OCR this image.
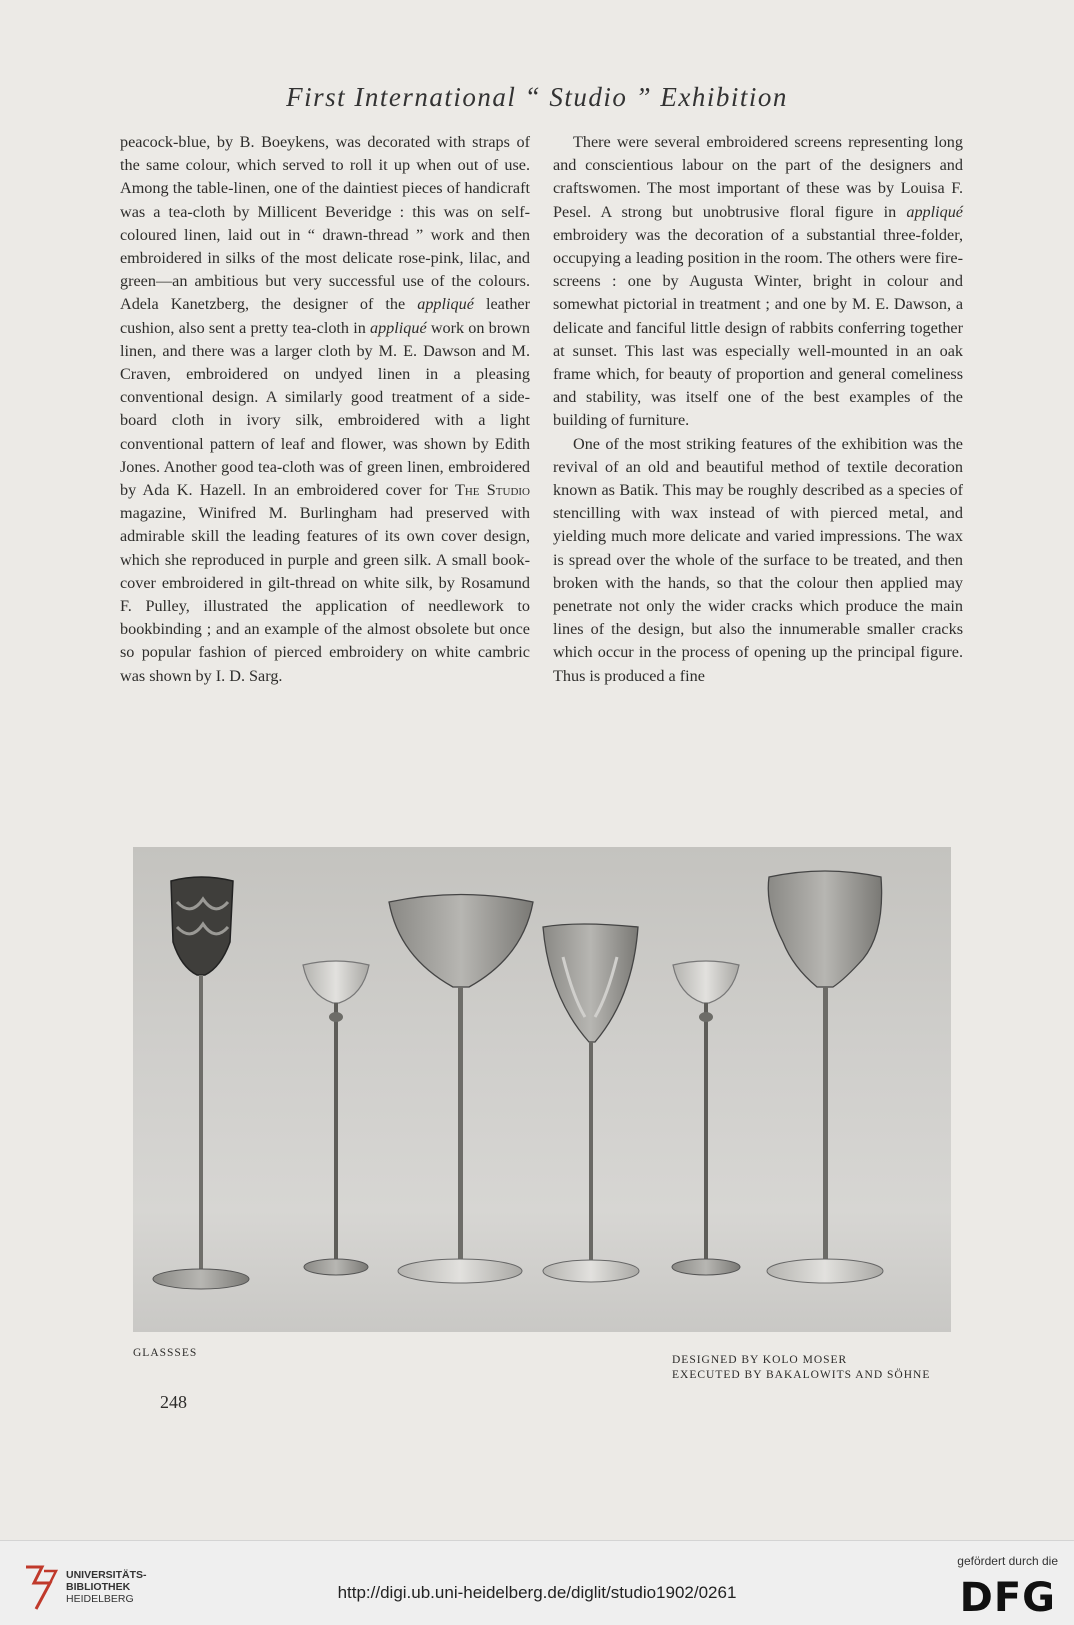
First International “ Studio ” Exhibition

peacock-blue, by B. Boeykens, was decorated with straps of the same colour, which served to roll it up when out of use. Among the table-linen, one of the daintiest pieces of handicraft was a tea-cloth by Millicent Beveridge : this was on self-coloured linen, laid out in “ drawn-thread ” work and then embroidered in silks of the most delicate rose-pink, lilac, and green—an ambitious but very successful use of the colours. Adela Kanetzberg, the designer of the appliqué leather cushion, also sent a pretty tea-cloth in appliqué work on brown linen, and there was a larger cloth by M. E. Dawson and M. Craven, embroidered on undyed linen in a pleasing conventional design. A similarly good treatment of a side-board cloth in ivory silk, embroidered with a light conventional pattern of leaf and flower, was shown by Edith Jones. Another good tea-cloth was of green linen, embroidered by Ada K. Hazell. In an embroidered cover for The Studio magazine, Winifred M. Burlingham had preserved with admirable skill the leading features of its own cover design, which she reproduced in purple and green silk. A small book-cover embroidered in gilt-thread on white silk, by Rosamund F. Pulley, illustrated the application of needlework to bookbinding ; and an example of the almost obsolete but once so popular fashion of pierced embroidery on white cambric was shown by I. D. Sarg.

There were several embroidered screens representing long and conscientious labour on the part of the designers and craftswomen. The most important of these was by Louisa F. Pesel. A strong but unobtrusive floral figure in appliqué embroidery was the decoration of a substantial three-folder, occupying a leading position in the room. The others were fire-screens : one by Augusta Winter, bright in colour and somewhat pictorial in treatment ; and one by M. E. Dawson, a delicate and fanciful little design of rabbits conferring together at sunset. This last was especially well-mounted in an oak frame which, for beauty of proportion and general comeliness and stability, was itself one of the best examples of the building of furniture.

One of the most striking features of the exhibition was the revival of an old and beautiful method of textile decoration known as Batik. This may be roughly described as a species of stencilling with wax instead of with pierced metal, and yielding much more delicate and varied impressions. The wax is spread over the whole of the surface to be treated, and then broken with the hands, so that the colour then applied may penetrate not only the wider cracks which produce the main lines of the design, but also the innumerable smaller cracks which occur in the process of opening up the principal figure. Thus is produced a fine

GLASSSES
DESIGNED BY KOLO MOSER
EXECUTED BY BAKALOWITS AND SÖHNE
248
UNIVERSITÄTS-
BIBLIOTHEK
HEIDELBERG	http://digi.ub.uni-heidelberg.de/diglit/studio1902/0261
gefördert durch die
DFG
